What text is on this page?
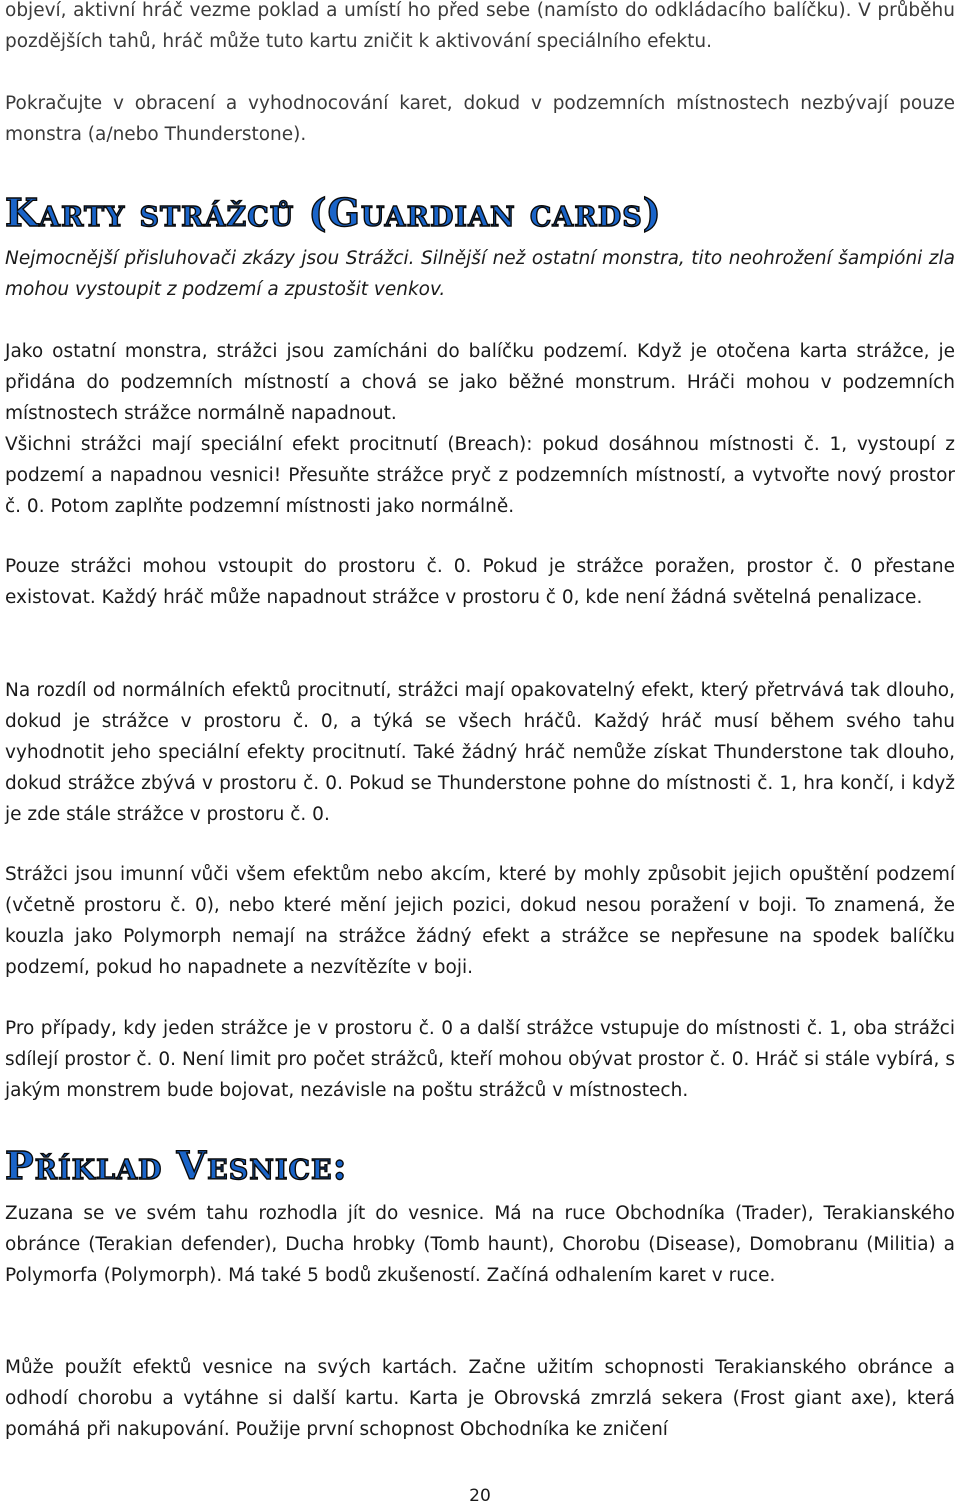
objeví, aktivní hráč vezme poklad a umístí ho před sebe (namísto do odkládacího balíčku). V průběhu pozdějších tahů, hráč může tuto kartu zničit k aktivování speciálního efektu.

Pokračujte v obracení a vyhodnocování karet, dokud v podzemních místnostech nezbývají pouze monstra (a/nebo Thunderstone).

Karty strážců (Guardian cards)

Nejmocnější přisluhovači zkázy jsou Strážci. Silnější než ostatní monstra, tito neohrožení šampióni zla mohou vystoupit z podzemí a zpustošit venkov.

Jako ostatní monstra, strážci jsou zamícháni do balíčku podzemí. Když je otočena karta strážce, je přidána do podzemních místností a chová se jako běžné monstrum. Hráči mohou v podzemních místnostech strážce normálně napadnout.

Všichni strážci mají speciální efekt procitnutí (Breach): pokud dosáhnou místnosti č. 1, vystoupí z podzemí a napadnou vesnici! Přesuňte strážce pryč z podzemních místností, a vytvořte nový prostor č. 0. Potom zaplňte podzemní místnosti jako normálně.

Pouze strážci mohou vstoupit do prostoru č. 0. Pokud je strážce poražen, prostor č. 0 přestane existovat. Každý hráč může napadnout strážce v prostoru č 0, kde není žádná světelná penalizace.

Na rozdíl od normálních efektů procitnutí, strážci mají opakovatelný efekt, který přetrvává tak dlouho, dokud je strážce v prostoru č. 0, a týká se všech hráčů. Každý hráč musí během svého tahu vyhodnotit jeho speciální efekty procitnutí. Také žádný hráč nemůže získat Thunderstone tak dlouho, dokud strážce zbývá v prostoru č. 0. Pokud se Thunderstone pohne do místnosti č. 1, hra končí, i když je zde stále strážce v prostoru č. 0.

Strážci jsou imunní vůči všem efektům nebo akcím, které by mohly způsobit jejich opuštění podzemí (včetně prostoru č. 0), nebo které mění jejich pozici, dokud nesou poražení v boji. To znamená, že kouzla jako Polymorph nemají na strážce žádný efekt a strážce se nepřesune na spodek balíčku podzemí, pokud ho napadnete a nezvítězíte v boji.

Pro případy, kdy jeden strážce je v prostoru č. 0 a další strážce vstupuje do místnosti č. 1, oba strážci sdílejí prostor č. 0. Není limit pro počet strážců, kteří mohou obývat prostor č. 0. Hráč si stále vybírá, s jakým monstrem bude bojovat, nezávisle na poštu strážců v místnostech.

Příklad Vesnice:

Zuzana se ve svém tahu rozhodla jít do vesnice. Má na ruce Obchodníka (Trader), Terakianského obránce (Terakian defender), Ducha hrobky (Tomb haunt), Chorobu (Disease), Domobranu (Militia) a Polymorfa (Polymorph). Má také 5 bodů zkušeností. Začíná odhalením karet v ruce.

Může použít efektů vesnice na svých kartách. Začne užitím schopnosti Terakianského obránce a odhodí chorobu a vytáhne si další kartu. Karta je Obrovská zmrzlá sekera (Frost giant axe), která pomáhá při nakupování. Použije první schopnost Obchodníka ke zničení

20
